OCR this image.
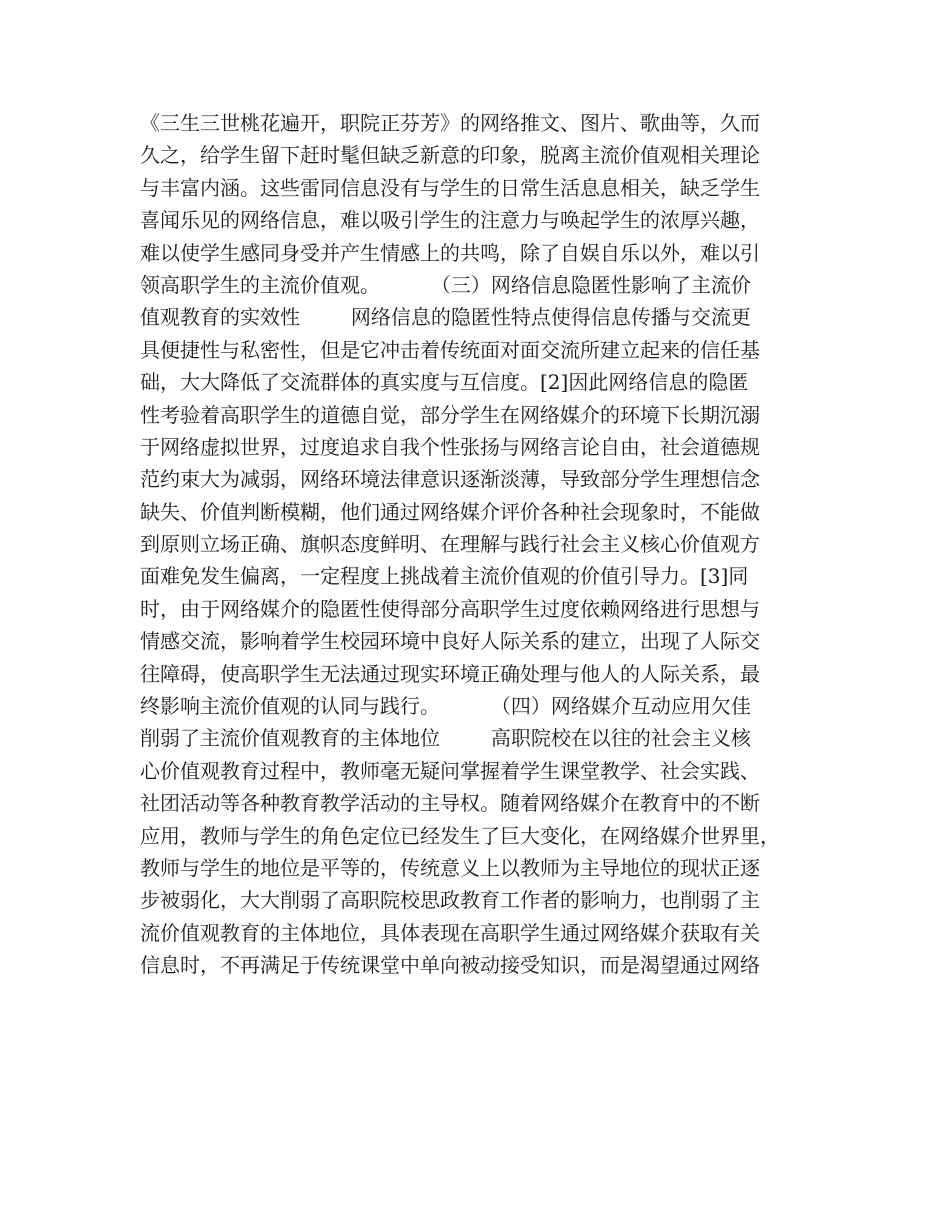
《三生三世桃花遍开，职院正芬芳》的网络推文、图片、歌曲等，久而
久之，给学生留下赶时髦但缺乏新意的印象，脱离主流价值观相关理论
与丰富内涵。这些雷同信息没有与学生的日常生活息息相关，缺乏学生
喜闻乐见的网络信息，难以吸引学生的注意力与唤起学生的浓厚兴趣，
难以使学生感同身受并产生情感上的共鸣，除了自娱自乐以外，难以引
领高职学生的主流价值观。        （三）网络信息隐匿性影响了主流价
值观教育的实效性        网络信息的隐匿性特点使得信息传播与交流更
具便捷性与私密性，但是它冲击着传统面对面交流所建立起来的信任基
础，大大降低了交流群体的真实度与互信度。[2]因此网络信息的隐匿
性考验着高职学生的道德自觉，部分学生在网络媒介的环境下长期沉溺
于网络虚拟世界，过度追求自我个性张扬与网络言论自由，社会道德规
范约束大为减弱，网络环境法律意识逐渐淡薄，导致部分学生理想信念
缺失、价值判断模糊，他们通过网络媒介评价各种社会现象时，不能做
到原则立场正确、旗帜态度鲜明、在理解与践行社会主义核心价值观方
面难免发生偏离，一定程度上挑战着主流价值观的价值引导力。[3]同
时，由于网络媒介的隐匿性使得部分高职学生过度依赖网络进行思想与
情感交流，影响着学生校园环境中良好人际关系的建立，出现了人际交
往障碍，使高职学生无法通过现实环境正确处理与他人的人际关系，最
终影响主流价值观的认同与践行。        （四）网络媒介互动应用欠佳
削弱了主流价值观教育的主体地位        高职院校在以往的社会主义核
心价值观教育过程中，教师毫无疑问掌握着学生课堂教学、社会实践、
社团活动等各种教育教学活动的主导权。随着网络媒介在教育中的不断
应用，教师与学生的角色定位已经发生了巨大变化，在网络媒介世界里，
教师与学生的地位是平等的，传统意义上以教师为主导地位的现状正逐
步被弱化，大大削弱了高职院校思政教育工作者的影响力，也削弱了主
流价值观教育的主体地位，具体表现在高职学生通过网络媒介获取有关
信息时，不再满足于传统课堂中单向被动接受知识，而是渴望通过网络
